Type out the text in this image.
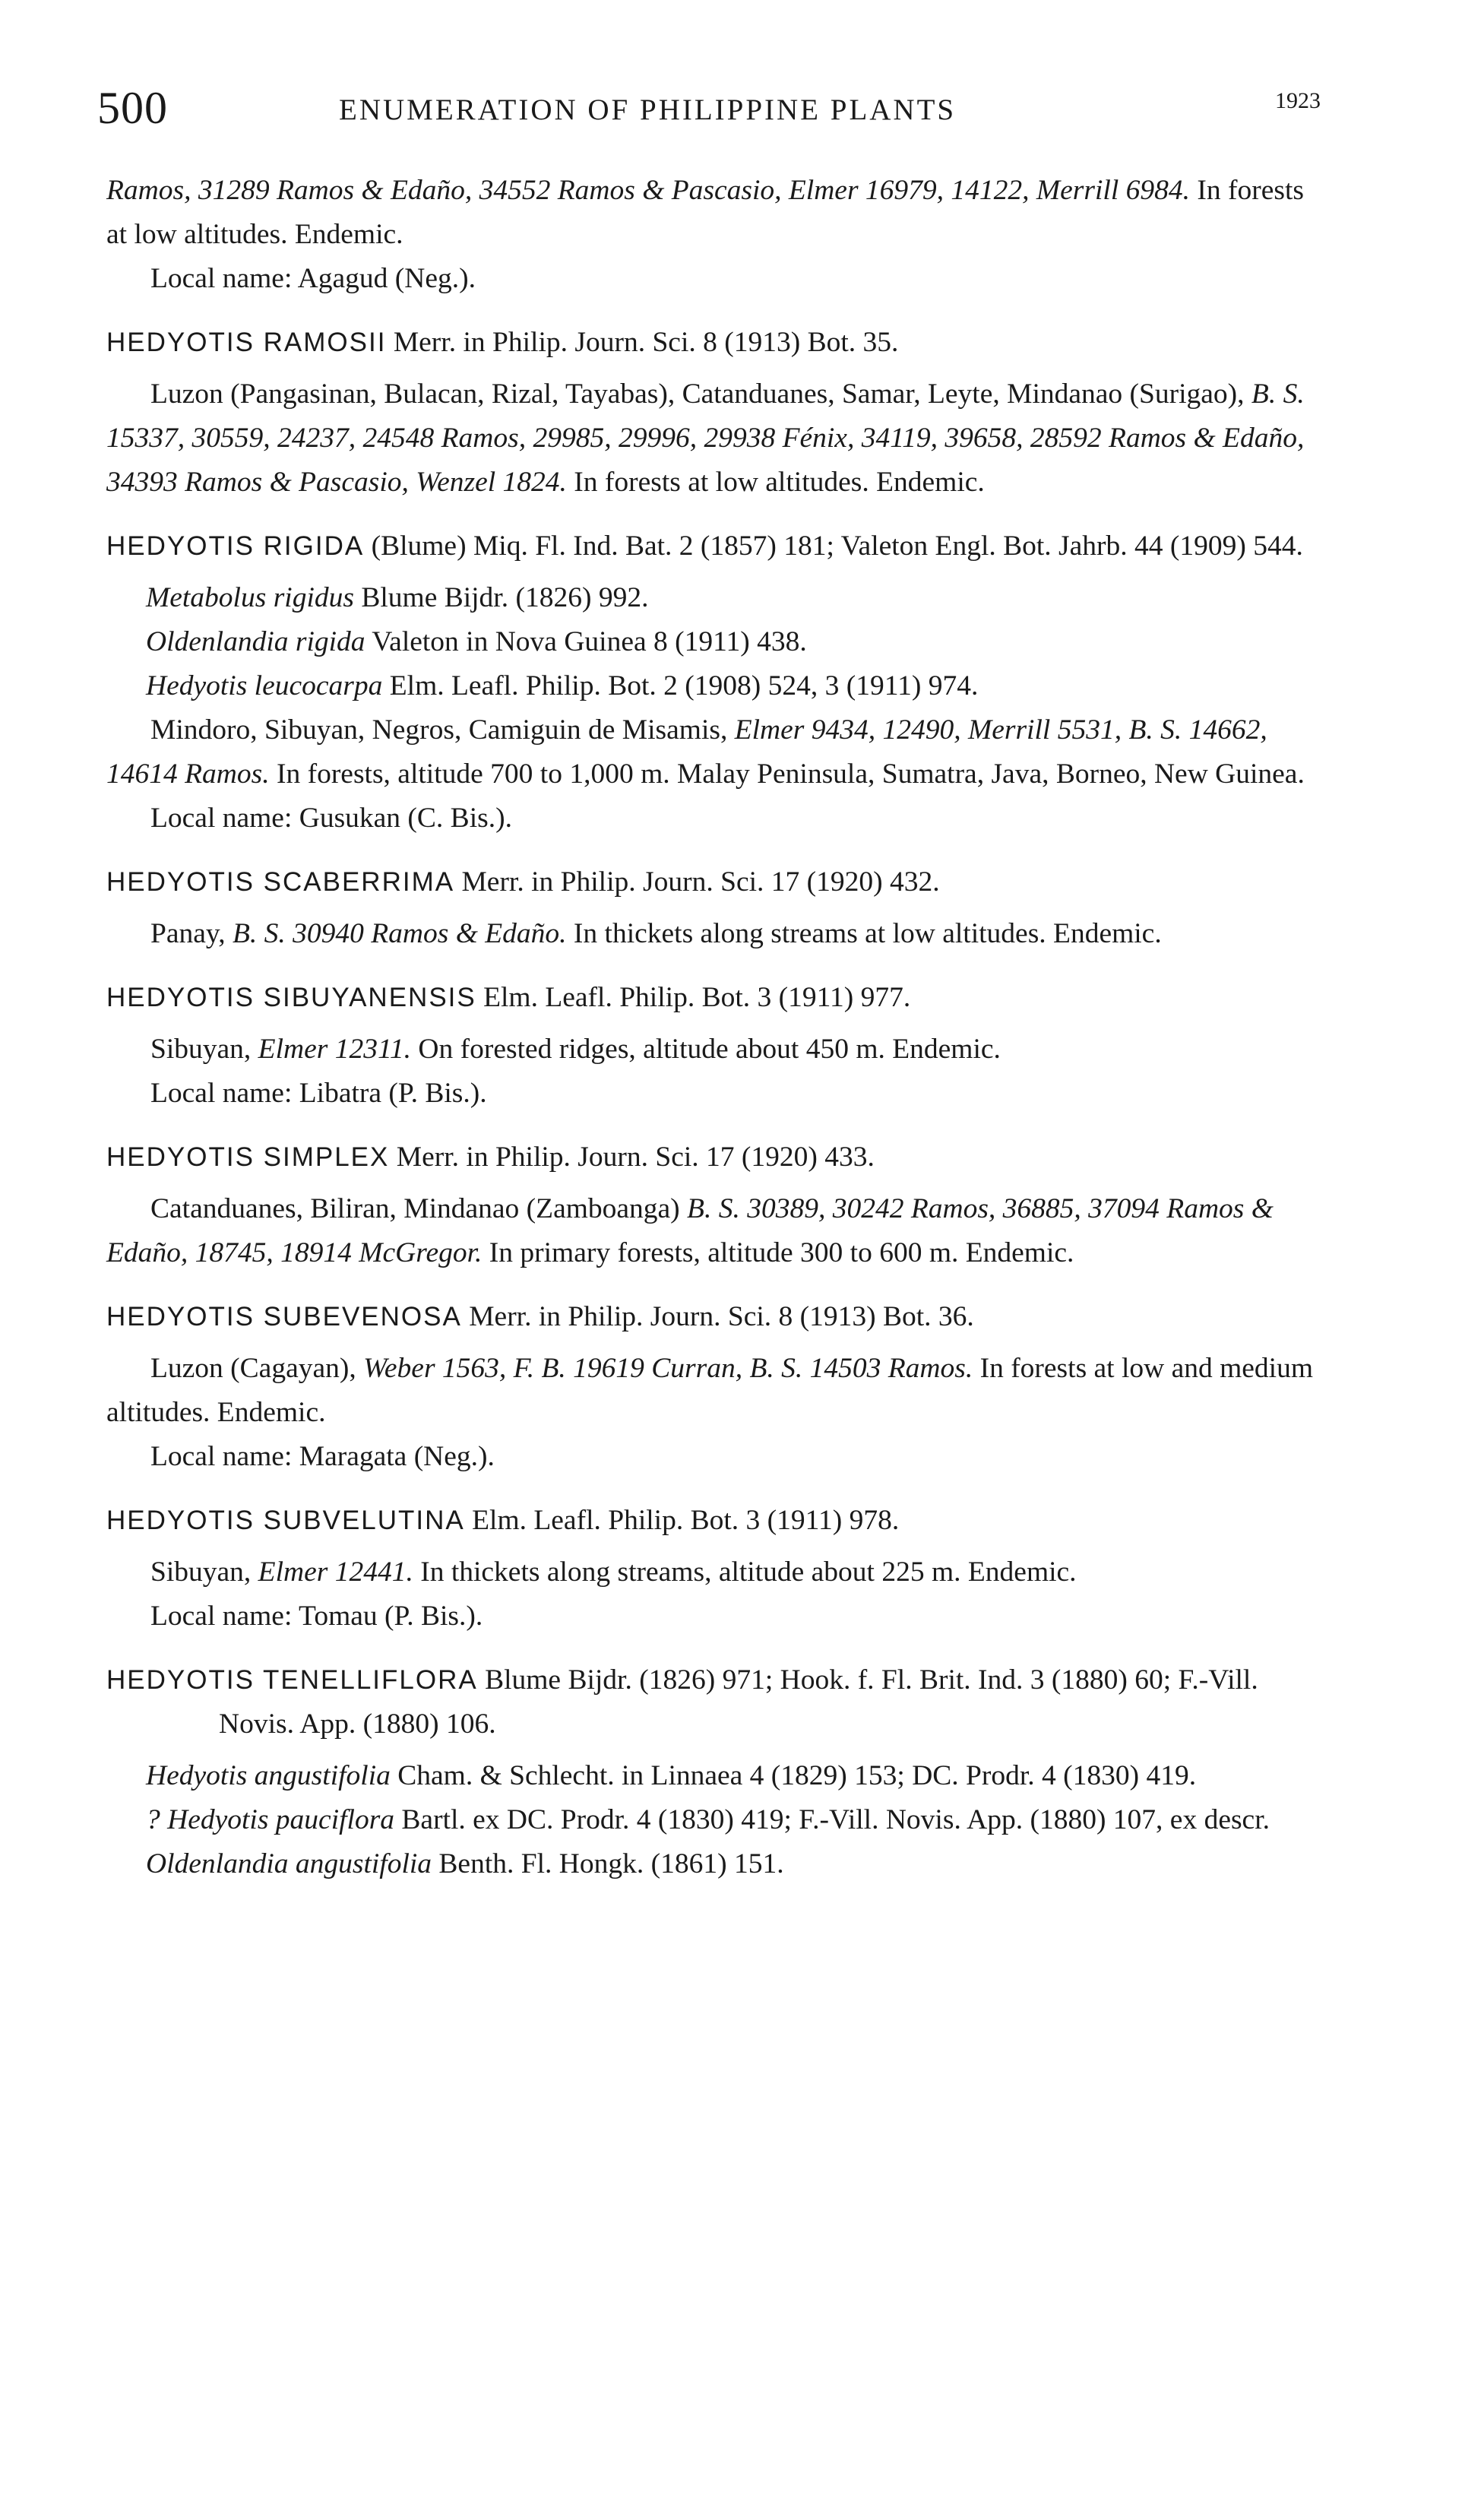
500	ENUMERATION OF PHILIPPINE PLANTS	1923

Ramos, 31289 Ramos & Edaño, 34552 Ramos & Pascasio, Elmer 16979, 14122, Merrill 6984. In forests at low altitudes. Endemic.

Local name: Agagud (Neg.).

HEDYOTIS RAMOSII Merr. in Philip. Journ. Sci. 8 (1913) Bot. 35.

Luzon (Pangasinan, Bulacan, Rizal, Tayabas), Catanduanes, Samar, Leyte, Mindanao (Surigao), B. S. 15337, 30559, 24237, 24548 Ramos, 29985, 29996, 29938 Fénix, 34119, 39658, 28592 Ramos & Edaño, 34393 Ramos & Pascasio, Wenzel 1824. In forests at low altitudes. Endemic.

HEDYOTIS RIGIDA (Blume) Miq. Fl. Ind. Bat. 2 (1857) 181; Valeton Engl. Bot. Jahrb. 44 (1909) 544.

Metabolus rigidus Blume Bijdr. (1826) 992.

Oldenlandia rigida Valeton in Nova Guinea 8 (1911) 438.

Hedyotis leucocarpa Elm. Leafl. Philip. Bot. 2 (1908) 524, 3 (1911) 974.

Mindoro, Sibuyan, Negros, Camiguin de Misamis, Elmer 9434, 12490, Merrill 5531, B. S. 14662, 14614 Ramos. In forests, altitude 700 to 1,000 m. Malay Peninsula, Sumatra, Java, Borneo, New Guinea.

Local name: Gusukan (C. Bis.).

HEDYOTIS SCABERRIMA Merr. in Philip. Journ. Sci. 17 (1920) 432.

Panay, B. S. 30940 Ramos & Edaño. In thickets along streams at low altitudes. Endemic.

HEDYOTIS SIBUYANENSIS Elm. Leafl. Philip. Bot. 3 (1911) 977.

Sibuyan, Elmer 12311. On forested ridges, altitude about 450 m. Endemic.

Local name: Libatra (P. Bis.).

HEDYOTIS SIMPLEX Merr. in Philip. Journ. Sci. 17 (1920) 433.

Catanduanes, Biliran, Mindanao (Zamboanga) B. S. 30389, 30242 Ramos, 36885, 37094 Ramos & Edaño, 18745, 18914 McGregor. In primary forests, altitude 300 to 600 m. Endemic.

HEDYOTIS SUBEVENOSA Merr. in Philip. Journ. Sci. 8 (1913) Bot. 36.

Luzon (Cagayan), Weber 1563, F. B. 19619 Curran, B. S. 14503 Ramos. In forests at low and medium altitudes. Endemic.

Local name: Maragata (Neg.).

HEDYOTIS SUBVELUTINA Elm. Leafl. Philip. Bot. 3 (1911) 978.

Sibuyan, Elmer 12441. In thickets along streams, altitude about 225 m. Endemic.

Local name: Tomau (P. Bis.).

HEDYOTIS TENELLIFLORA Blume Bijdr. (1826) 971; Hook. f. Fl. Brit. Ind. 3 (1880) 60; F.-Vill. Novis. App. (1880) 106.

Hedyotis angustifolia Cham. & Schlecht. in Linnaea 4 (1829) 153; DC. Prodr. 4 (1830) 419.

? Hedyotis pauciflora Bartl. ex DC. Prodr. 4 (1830) 419; F.-Vill. Novis. App. (1880) 107, ex descr.

Oldenlandia angustifolia Benth. Fl. Hongk. (1861) 151.
